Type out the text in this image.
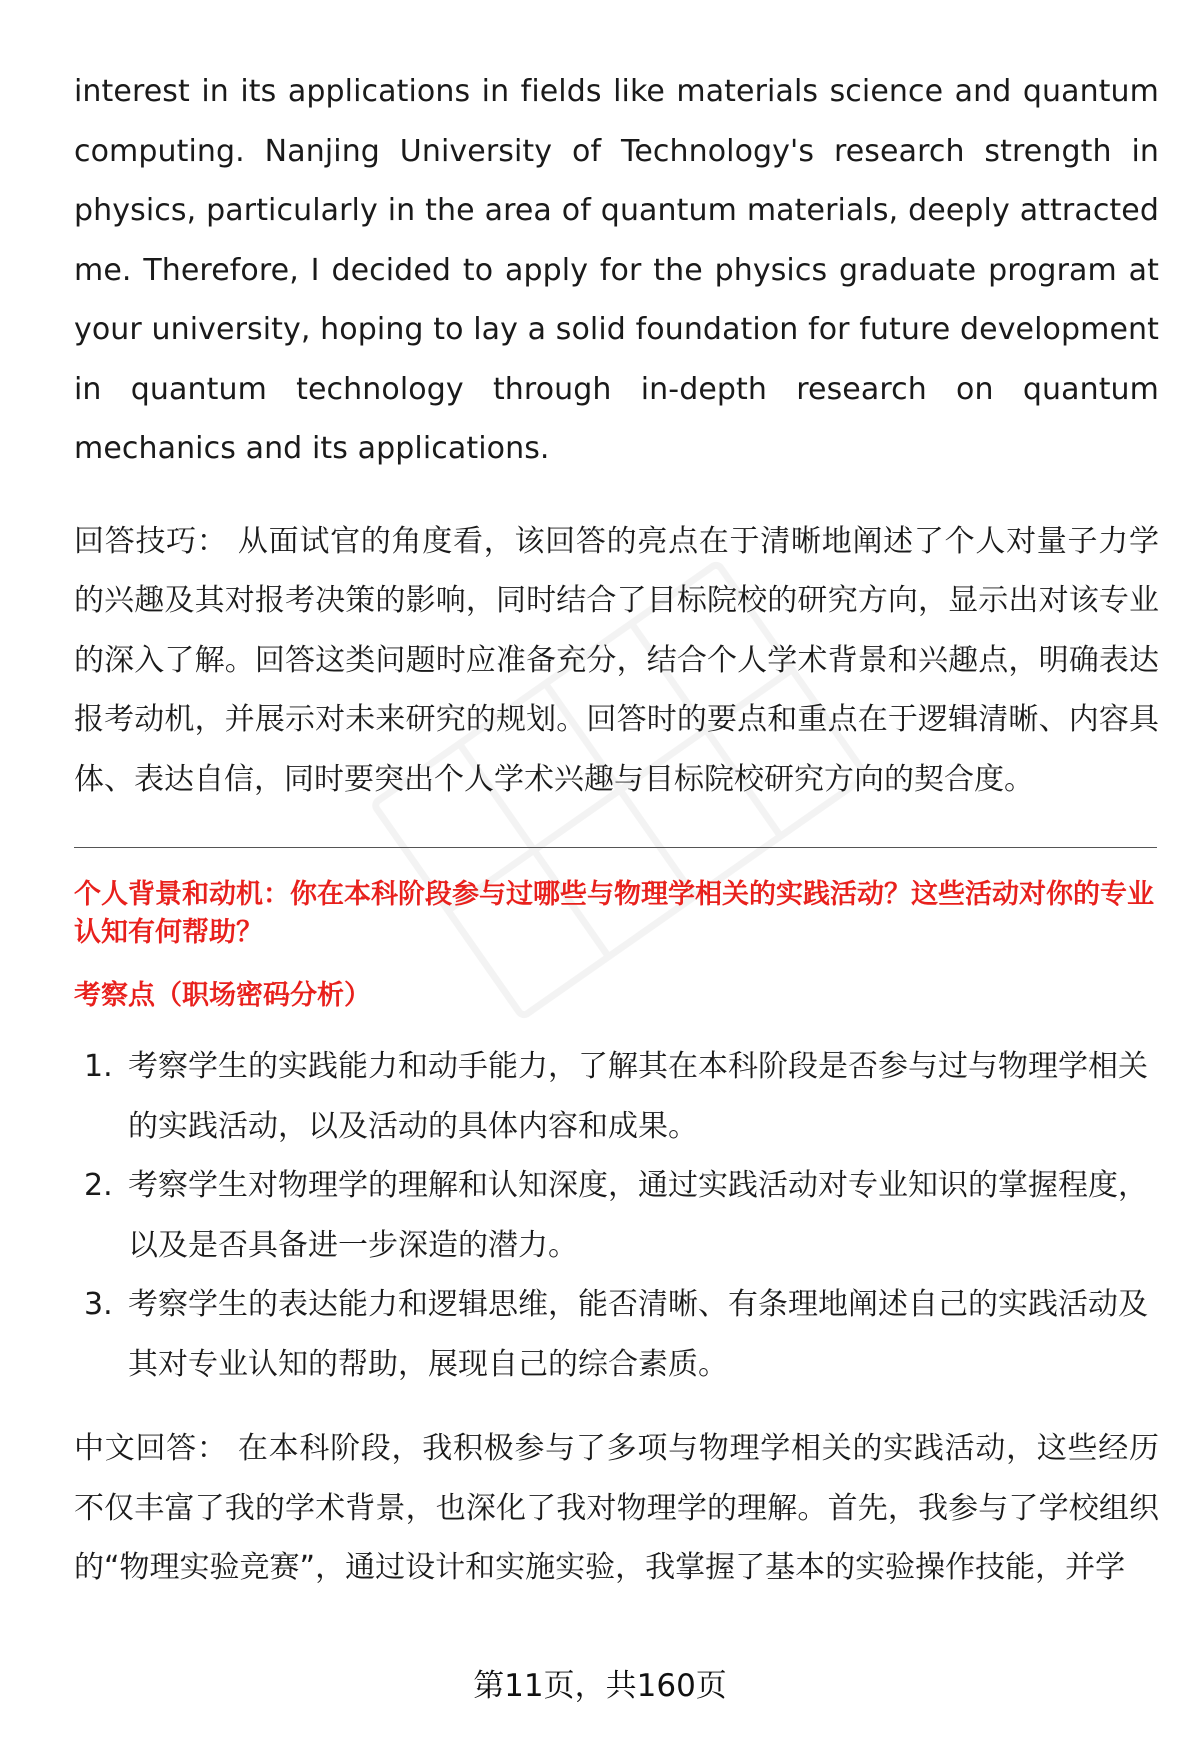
interest in its applications in fields like materials science and quantum computing. Nanjing University of Technology's research strength in physics, particularly in the area of quantum materials, deeply attracted me. Therefore, I decided to apply for the physics graduate program at your university, hoping to lay a solid foundation for future development in quantum technology through in-depth research on quantum mechanics and its applications.

回答技巧： 从面试官的角度看，该回答的亮点在于清晰地阐述了个人对量子力学的兴趣及其对报考决策的影响，同时结合了目标院校的研究方向，显示出对该专业的深入了解。回答这类问题时应准备充分，结合个人学术背景和兴趣点，明确表达报考动机，并展示对未来研究的规划。回答时的要点和重点在于逻辑清晰、内容具体、表达自信，同时要突出个人学术兴趣与目标院校研究方向的契合度。

个人背景和动机：你在本科阶段参与过哪些与物理学相关的实践活动？这些活动对你的专业认知有何帮助？

考察点（职场密码分析）

1. 考察学生的实践能力和动手能力，了解其在本科阶段是否参与过与物理学相关的实践活动，以及活动的具体内容和成果。
2. 考察学生对物理学的理解和认知深度，通过实践活动对专业知识的掌握程度，以及是否具备进一步深造的潜力。
3. 考察学生的表达能力和逻辑思维，能否清晰、有条理地阐述自己的实践活动及其对专业认知的帮助，展现自己的综合素质。

中文回答： 在本科阶段，我积极参与了多项与物理学相关的实践活动，这些经历不仅丰富了我的学术背景，也深化了我对物理学的理解。首先，我参与了学校组织的“物理实验竞赛”，通过设计和实施实验，我掌握了基本的实验操作技能，并学

第11页，共160页
